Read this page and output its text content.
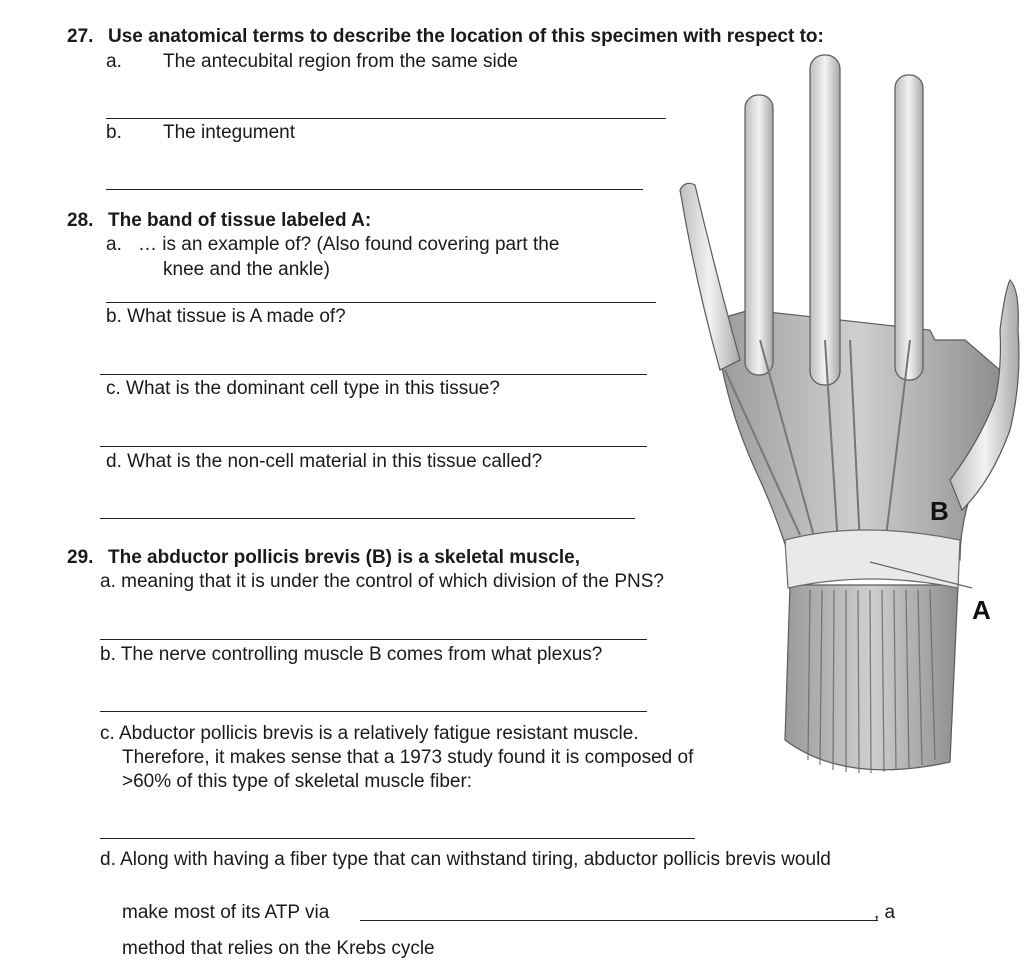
27. Use anatomical terms to describe the location of this specimen with respect to:
a. The antecubital region from the same side
b. The integument
28. The band of tissue labeled A:
a. … is an example of? (Also found covering part the
knee and the ankle)
b. What tissue is A made of?
c. What is the dominant cell type in this tissue?
d. What is the non-cell material in this tissue called?
29. The abductor pollicis brevis (B) is a skeletal muscle,
a. meaning that it is under the control of which division of the PNS?
b. The nerve controlling muscle B comes from what plexus?
c. Abductor pollicis brevis is a relatively fatigue resistant muscle.
Therefore, it makes sense that a 1973 study found it is composed of
>60% of this type of skeletal muscle fiber:
d. Along with having a fiber type that can withstand tiring, abductor pollicis brevis would
make most of its ATP via	, a
method that relies on the Krebs cycle
B
A
